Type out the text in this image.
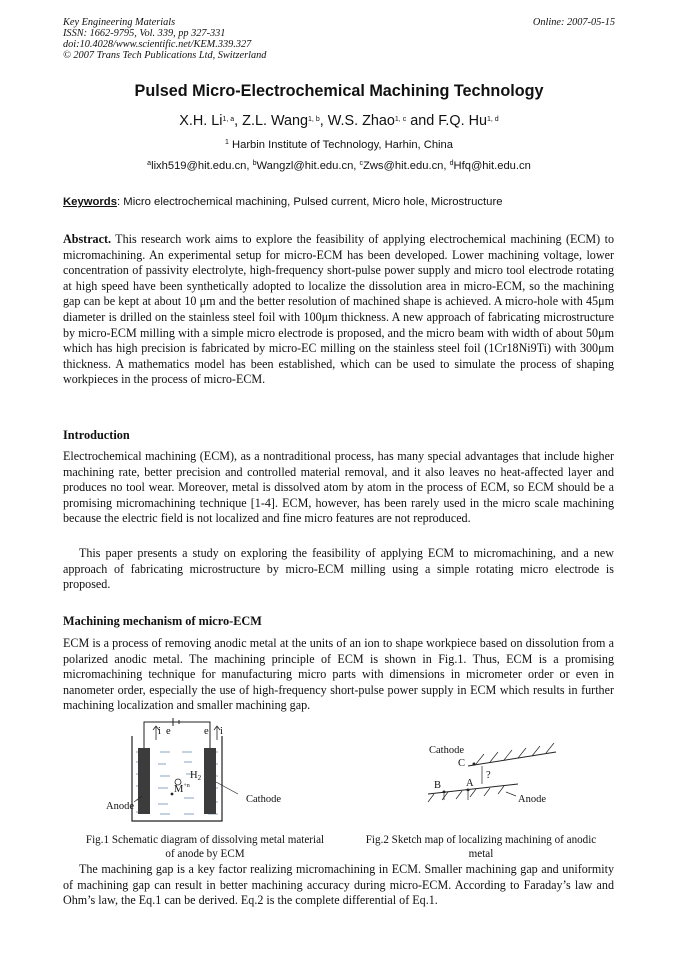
Key Engineering Materials
ISSN: 1662-9795, Vol. 339, pp 327-331
doi:10.4028/www.scientific.net/KEM.339.327
© 2007 Trans Tech Publications Ltd, Switzerland
Online: 2007-05-15
Pulsed Micro-Electrochemical Machining Technology
X.H. Li$^{1, a}$, Z.L. Wang$^{1, b}$, W.S. Zhao$^{1, c}$ and F.Q. Hu$^{1, d}$
$^1$ Harbin Institute of Technology, Harhin, China
$^a$lixh519@hit.edu.cn, $^b$Wangzl@hit.edu.cn, $^c$Zws@hit.edu.cn, $^d$Hfq@hit.edu.cn
Keywords: Micro electrochemical machining, Pulsed current, Micro hole, Microstructure

Abstract. This research work aims to explore the feasibility of applying electrochemical machining (ECM) to micromachining. An experimental setup for micro-ECM has been developed. Lower machining voltage, lower concentration of passivity electrolyte, high-frequency short-pulse power supply and micro tool electrode rotating at high speed have been synthetically adopted to localize the dissolution area in micro-ECM, so the machining gap can be kept at about 10 μm and the better resolution of machined shape is achieved. A micro-hole with 45μm diameter is drilled on the stainless steel foil with 100μm thickness. A new approach of fabricating microstructure by micro-ECM milling with a simple micro electrode is proposed, and the micro beam with width of about 50μm which has high precision is fabricated by micro-EC milling on the stainless steel foil (1Cr18Ni9Ti) with 300μm thickness. A mathematics model has been established, which can be used to simulate the process of shaping workpieces in the process of micro-ECM.

Introduction

Electrochemical machining (ECM), as a nontraditional process, has many special advantages that include higher machining rate, better precision and controlled material removal, and it also leaves no heat-affected layer and produces no tool wear. Moreover, metal is dissolved atom by atom in the process of ECM, so ECM should be a promising micromachining technique [1-4]. ECM, however, has been rarely used in the micro scale machining because the electric field is not localized and fine micro features are not reproduced.

This paper presents a study on exploring the feasibility of applying ECM to micromachining, and a new approach of fabricating microstructure by micro-ECM milling using a simple rotating micro electrode is proposed.

Machining mechanism of micro-ECM

ECM is a process of removing anodic metal at the units of an ion to shape workpiece based on dissolution from a polarized anodic metal. The machining principle of ECM is shown in Fig.1. Thus, ECM is a promising micromachining technique for manufacturing micro parts with dimensions in micrometer order or even in nanometer order, especially the use of high-frequency short-pulse power supply in ECM which results in further machining localization and smaller machining gap.

i e	e i
H2
$M^{+n}$
Anode
Cathode
Fig.1 Schematic diagram of dissolving metal material
of anode by ECM
Cathode
C
B A
?
Anode
Fig.2 Sketch map of localizing machining of anodic
metal

The machining gap is a key factor realizing micromachining in ECM. Smaller machining gap and uniformity of machining gap can result in better machining accuracy during micro-ECM. According to Faraday’s law and Ohm’s law, the Eq.1 can be derived. Eq.2 is the complete differential of Eq.1.
